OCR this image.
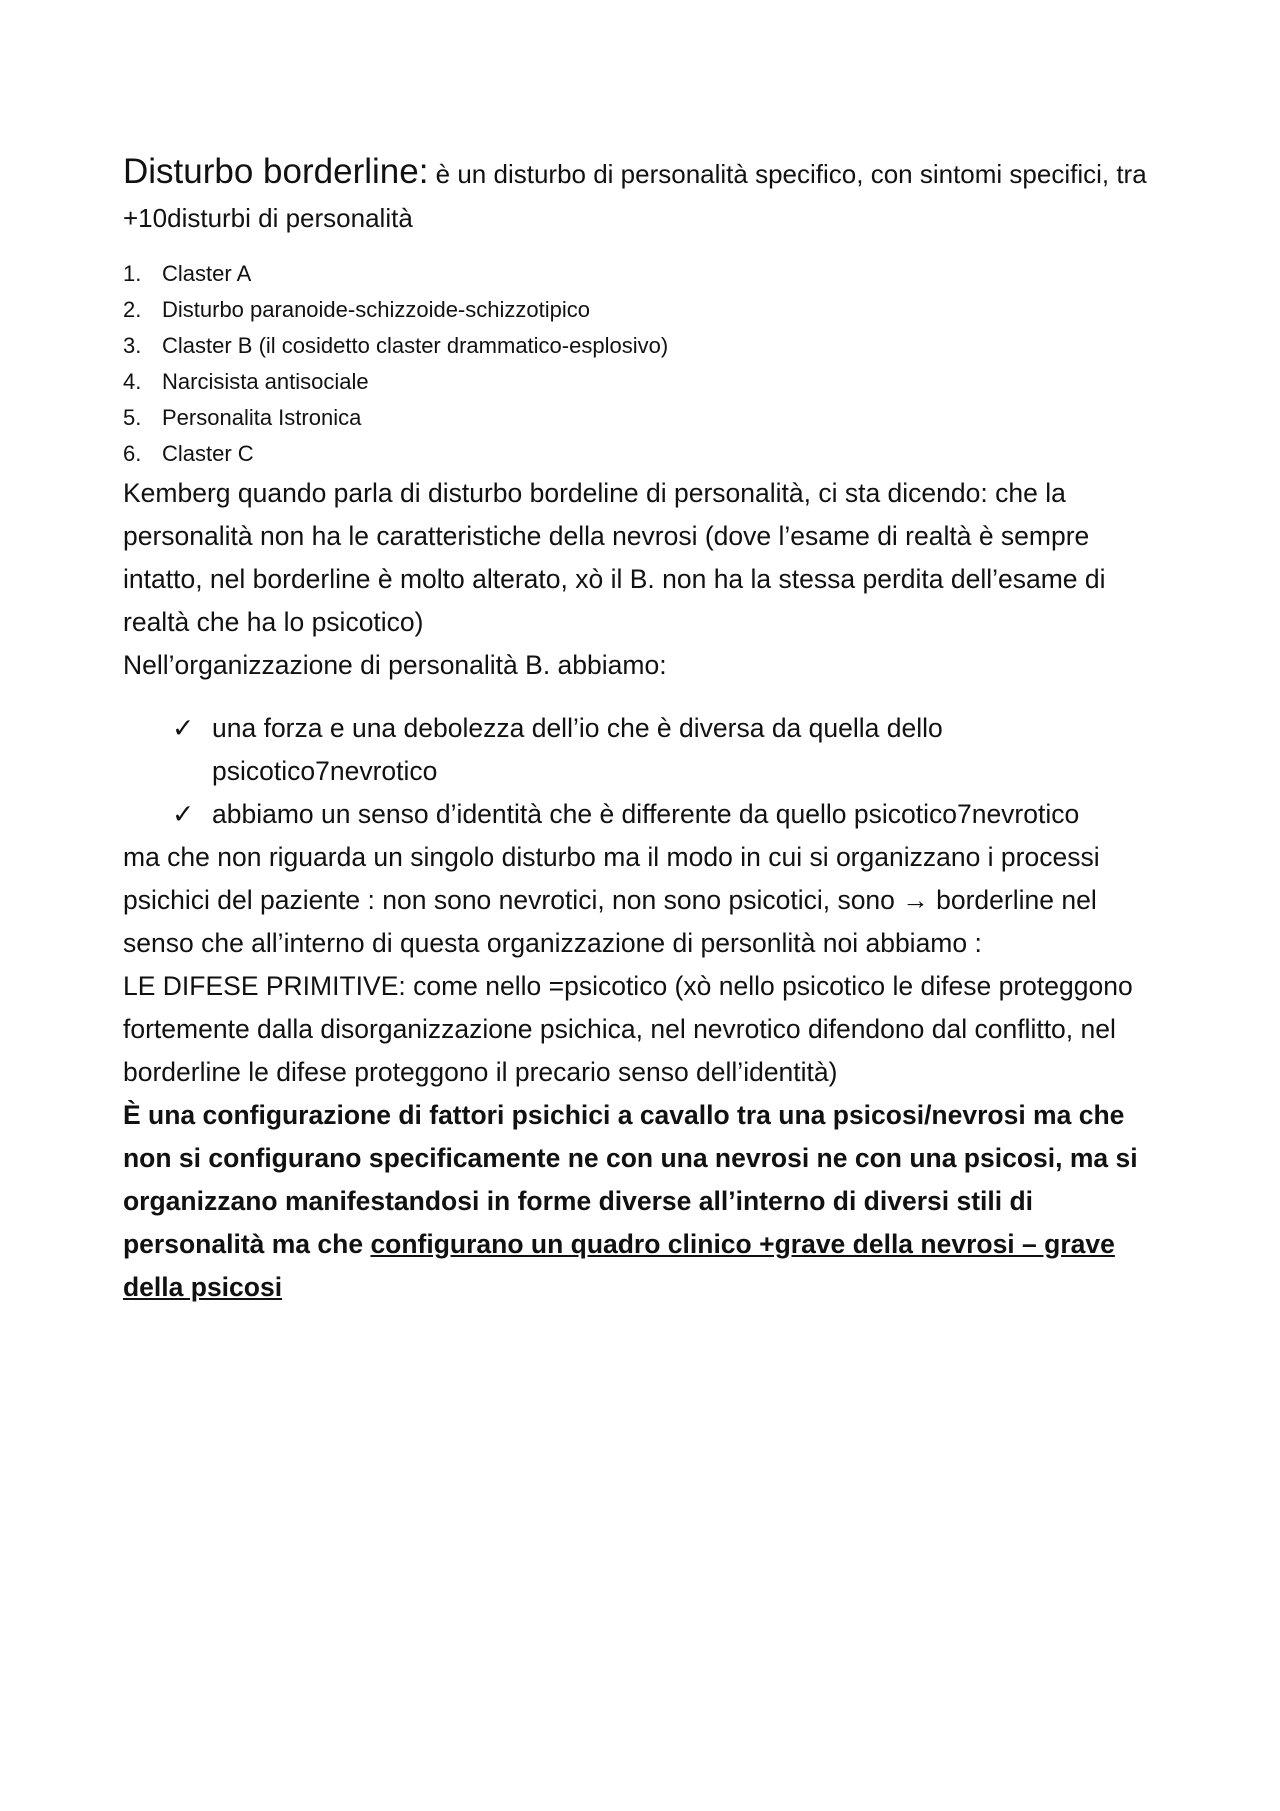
Disturbo borderline: è un disturbo di personalità specifico, con sintomi specifici, tra +10disturbi di personalità

1. Claster A
2. Disturbo paranoide-schizzoide-schizzotipico
3. Claster B (il cosidetto claster drammatico-esplosivo)
4. Narcisista antisociale
5. Personalita Istronica
6. Claster C

Kemberg quando parla di disturbo bordeline di personalità, ci sta dicendo: che la personalità non ha le caratteristiche della nevrosi (dove l’esame di realtà è sempre intatto, nel borderline è molto alterato, xò il B. non ha la stessa perdita dell’esame di realtà che ha lo psicotico)

Nell’organizzazione di personalità B. abbiamo:

✓ una forza e una debolezza dell’io che è diversa da quella dello psicotico7nevrotico
✓ abbiamo un senso d’identità che è differente da quello psicotico7nevrotico

ma che non riguarda un singolo disturbo ma il modo in cui si organizzano i processi psichici del paziente : non sono nevrotici, non sono psicotici, sono → borderline nel senso che all’interno di questa organizzazione di personlità noi abbiamo :

LE DIFESE PRIMITIVE: come nello =psicotico (xò nello psicotico le difese proteggono fortemente dalla disorganizzazione psichica, nel nevrotico difendono dal conflitto, nel borderline le difese proteggono il precario senso dell’identità)

È una configurazione di fattori psichici a cavallo tra una psicosi/nevrosi ma che non si configurano specificamente ne con una nevrosi ne con una psicosi, ma si organizzano manifestandosi in forme diverse all’interno di diversi stili di personalità ma che configurano un quadro clinico +grave della nevrosi – grave della psicosi
